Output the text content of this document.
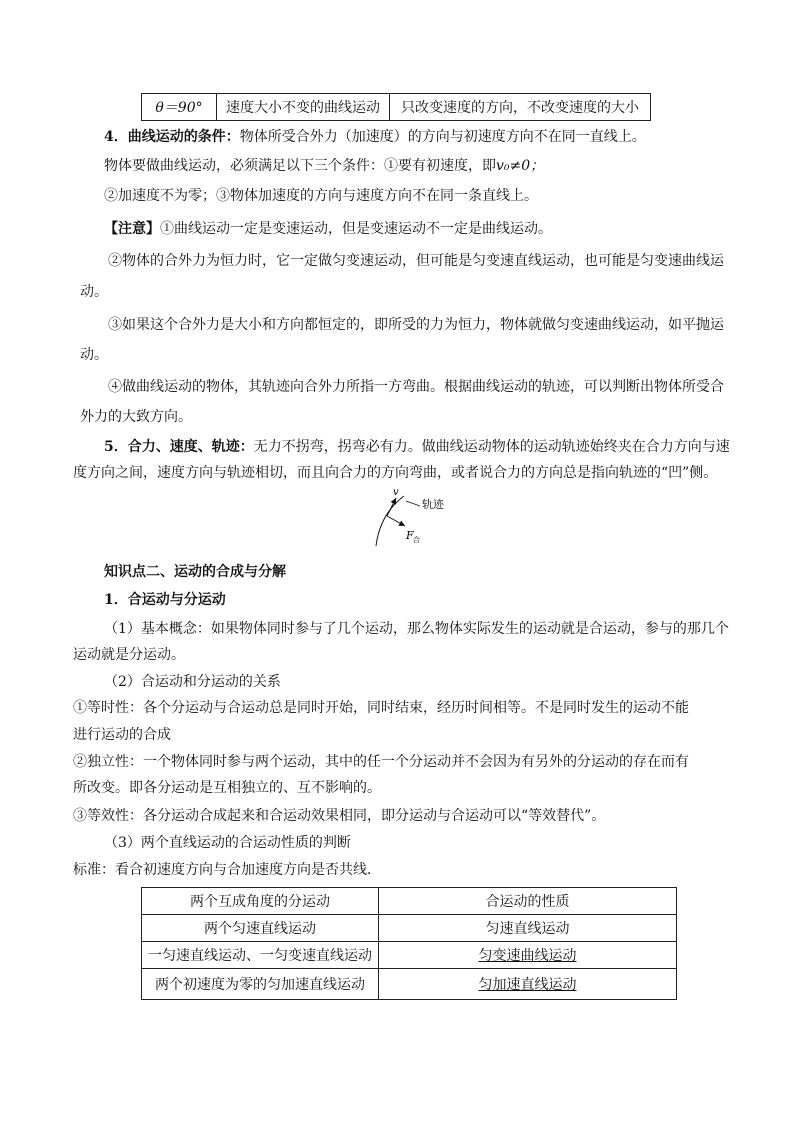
θ＝90°	速度大小不变的曲线运动	只改变速度的方向，不改变速度的大小
4．曲线运动的条件：物体所受合外力（加速度）的方向与初速度方向不在同一直线上。
物体要做曲线运动，必须满足以下三个条件：①要有初速度，即v₀≠0；
②加速度不为零；③物体加速度的方向与速度方向不在同一条直线上。
【注意】①曲线运动一定是变速运动，但是变速运动不一定是曲线运动。
②物体的合外力为恒力时，它一定做匀变速运动，但可能是匀变速直线运动，也可能是匀变速曲线运
动。
③如果这个合外力是大小和方向都恒定的，即所受的力为恒力，物体就做匀变速曲线运动，如平抛运
动。
④做曲线运动的物体，其轨迹向合外力所指一方弯曲。根据曲线运动的轨迹，可以判断出物体所受合
外力的大致方向。
5．合力、速度、轨迹：无力不拐弯，拐弯必有力。做曲线运动物体的运动轨迹始终夹在合力方向与速
度方向之间，速度方向与轨迹相切，而且向合力的方向弯曲，或者说合力的方向总是指向轨迹的“凹”侧。
v
轨迹
F 合
知识点二、运动的合成与分解
1．合运动与分运动
（1）基本概念：如果物体同时参与了几个运动，那么物体实际发生的运动就是合运动，参与的那几个
运动就是分运动。
（2）合运动和分运动的关系
①等时性：各个分运动与合运动总是同时开始，同时结束，经历时间相等。不是同时发生的运动不能
进行运动的合成
②独立性：一个物体同时参与两个运动，其中的任一个分运动并不会因为有另外的分运动的存在而有
所改变。即各分运动是互相独立的、互不影响的。
③等效性：各分运动合成起来和合运动效果相同，即分运动与合运动可以“等效替代”。
（3）两个直线运动的合运动性质的判断
标准：看合初速度方向与合加速度方向是否共线．
两个互成角度的分运动	合运动的性质
两个匀速直线运动	匀速直线运动
一匀速直线运动、一匀变速直线运动	匀变速曲线运动
两个初速度为零的匀加速直线运动	匀加速直线运动
